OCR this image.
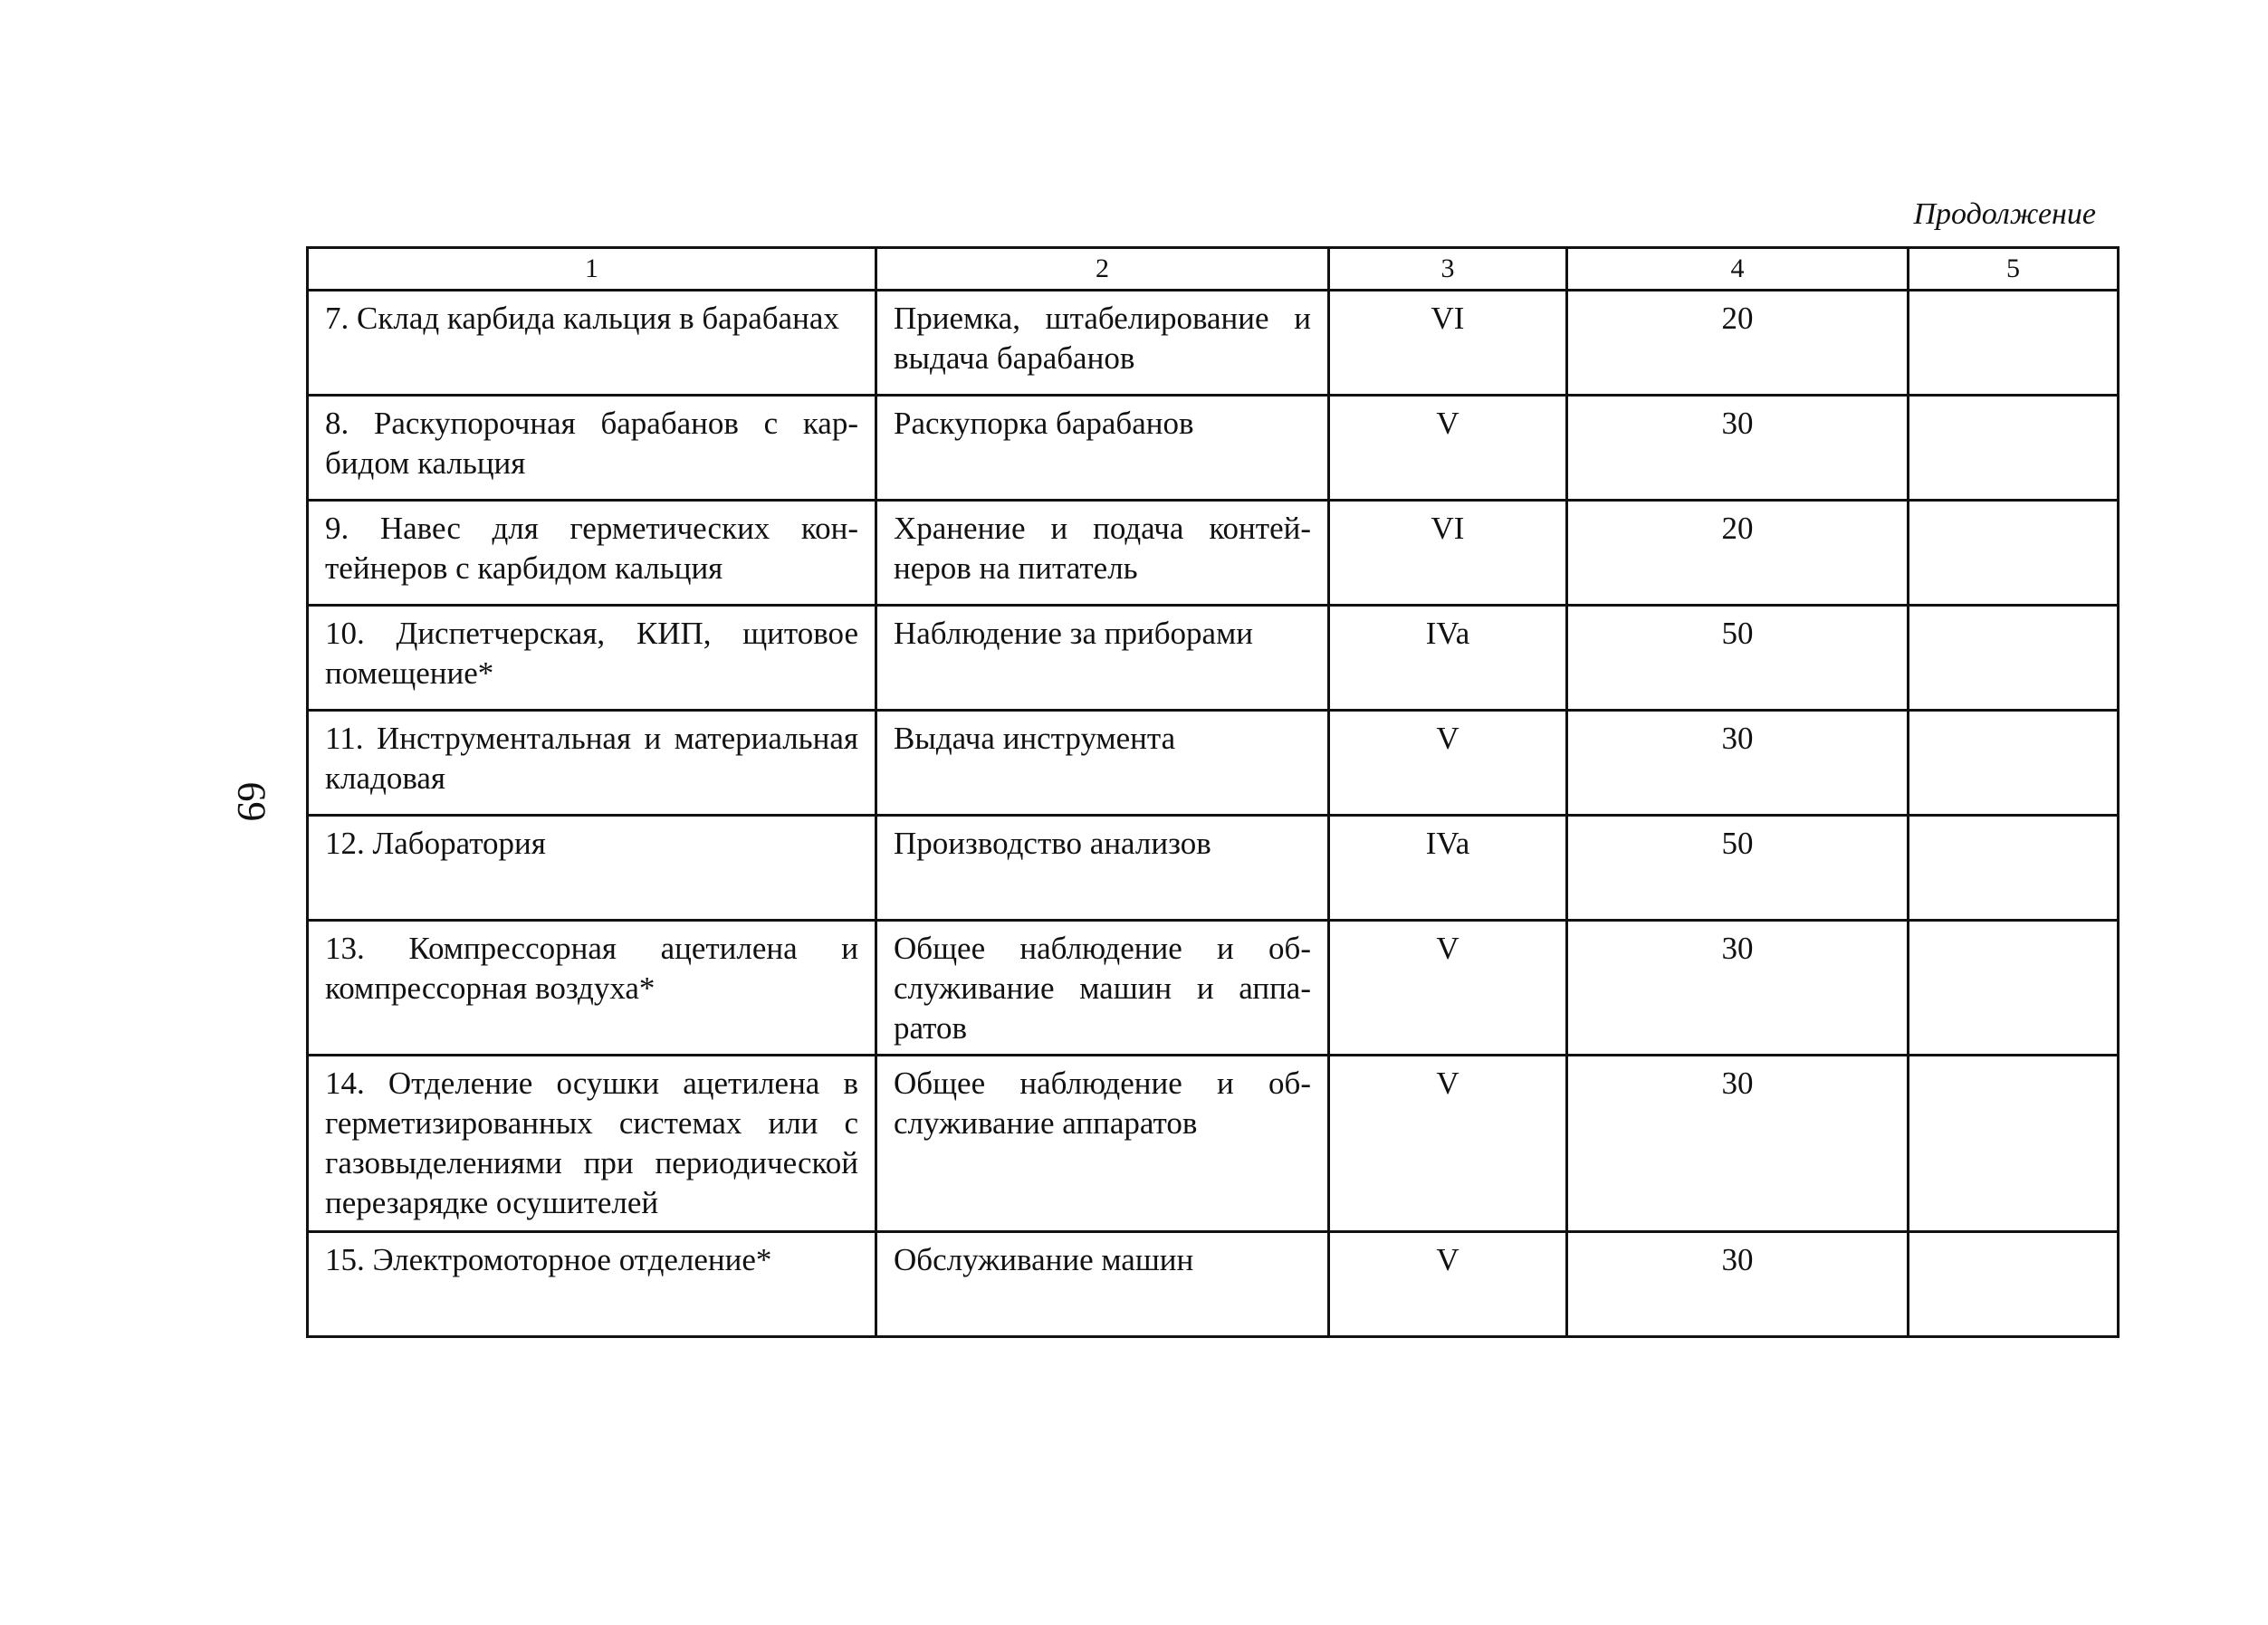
Продолжение
69
1	2	3	4	5
7. Склад карбида кальция в барабанах	Приемка, штабелирование и выдача барабанов	VI	20	
8. Раскупорочная барабанов с карбидом кальция	Раскупорка барабанов	V	30	
9. Навес для герметических контейнеров с карбидом кальция	Хранение и подача контейнеров на питатель	VI	20	
10. Диспетчерская, КИП, щитовое помещение*	Наблюдение за приборами	IVa	50	
11. Инструментальная и материальная кладовая	Выдача инструмента	V	30	
12. Лаборатория	Производство анализов	IVa	50	
13. Компрессорная ацетилена и компрессорная воздуха*	Общее наблюдение и обслуживание машин и аппаратов	V	30	
14. Отделение осушки ацетилена в герметизированных системах или с газовыделениями при периодической перезарядке осушителей	Общее наблюдение и обслуживание аппаратов	V	30	
15. Электромоторное отделение*	Обслуживание машин	V	30	
